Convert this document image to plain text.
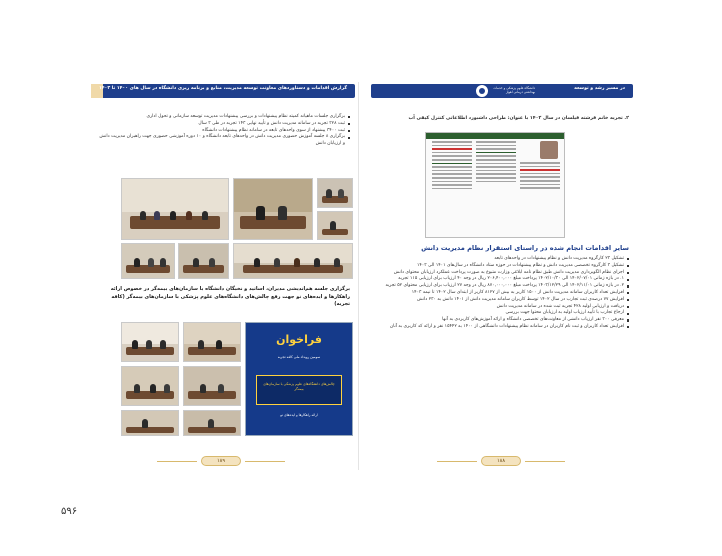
گزارش اقدامات و دستاوردهای معاونت توسعه مدیریت، منابع و برنامه ریزی دانشگاه در سال های ۱۴۰۰ تا ۱۴۰۳
برگزاری جلسات ماهیانه کمیته نظام پیشنهادات و بررسی پیشنهادات مدیریت توسعه سازمانی و تحول اداری
ثبت ۳۲۸ تجربه در سامانه مدیریت دانش و تأیید نهایی ۱۴۳ تجربه در طی ۳ سال
ثبت ۳۴۰۰ پیشنهاد از سوی واحدهای تابعه در سامانه نظام پیشنهادات دانشگاه
برگزاری ۸ جلسه آموزش حضوری مدیریت دانش در واحدهای تابعه دانشگاه و ۱۰ دوره آموزشی حضوری جهت راهبران مدیریت دانش و ارزیابان دانش
برگزاری جلسه هم‌اندیشی مدیران، اساتید و نخبگان دانشگاه با سازمان‌های بیمه‌گر در خصوص ارائه راهکارها و ایده‌های نو جهت رفع چالش‌های دانشگاه‌های علوم پزشکی با سازمان‌های بیمه‌گر (کافه تجربه)
فراخوان
سومین رویداد ملی کافه تجربه
چالش‌های دانشگاه‌های علوم پزشکی با سازمان‌های بیمه‌گر
ارائه راهکارها و ایده‌های نو
۱۸۹
در مسیر رشد و توسعه
دانشگاه علوم پزشکی و خدمات بهداشتی درمانی اهواز
۲. تجربه خانم فرشته فیلسان در سال ۱۴۰۲ با عنوان: طراحی داشبورد اطلاعاتی کنترل کیفی آب
سایر اقدامات انجام شده در راستای استقرار نظام مدیریت دانش
تشکیل ۲۳ کارگروه مدیریت دانش و نظام پیشنهادات در واحدهای تابعه
تشکیل ۳ کارگروه تخصصی مدیریت دانش و نظام پیشنهادات در حوزه ستاد دانشگاه در سال‌های ۱۴۰۱ الی ۱۴۰۳
اجرای نظام الگوبرداری مدیریت دانش طبق نظام نامه ابلاغی وزارت متبوع به صورت پرداخت عملکرد ارزیابان محتوای دانش
۱. در بازه زمانی ۱۴۰۲/۰۷/۰۱ الی ۱۴۰۲/۱۰/۳۰ پرداخت مبلغ ۲۰۶,۴۰۰,۰۰۰ ریال در وجه ۴۰ ارزیاب برای ارزیابی ۱۱۵ تجربه
۲. در بازه زمانی ۱۴۰۲/۱۱/۰۱ الی ۱۴۰۳/۱۲/۲۹ پرداخت مبلغ ۸۷۰,۰۰۰,۰۰۰ ریال در وجه ۲۷ ارزیاب برای ارزیابی محتوای ۵۲ تجربه
افزایش تعداد کاربران سامانه مدیریت دانش از ۱۵۰۰ کاربر به بیش از ۸۱۲۷ کاربر از ابتدای سال ۱۴۰۲ تا نیمه ۱۴۰۳
افزایش ۷۷ درصدی ثبت تجارب در سال ۱۴۰۲ توسط کاربران سامانه مدیریت دانش از ۱۴۰۱ دانش به ۲۳۰ دانش
دریافت و ارزیابی اولیه ۴۲۸ تجربه ثبت شده در سامانه مدیریت دانش
ارجاع تجارب با تأیید ارزیاب اولیه به ارزیابان محتوا جهت بررسی
معرفی ۳۰۰ نفر ارزیاب دانشی از معاونت‌های تخصصی دانشگاه و ارائه آموزش‌های کاربردی به آنها
افزایش تعداد کاربران و ثبت نام کاربران در سامانه نظام پیشنهادات دانشگاهی از ۱۴۰۰ به ۱۵۴۴۲ نفر و ارائه کد کاربری به آنان
۱۸۸
۵۹۶
